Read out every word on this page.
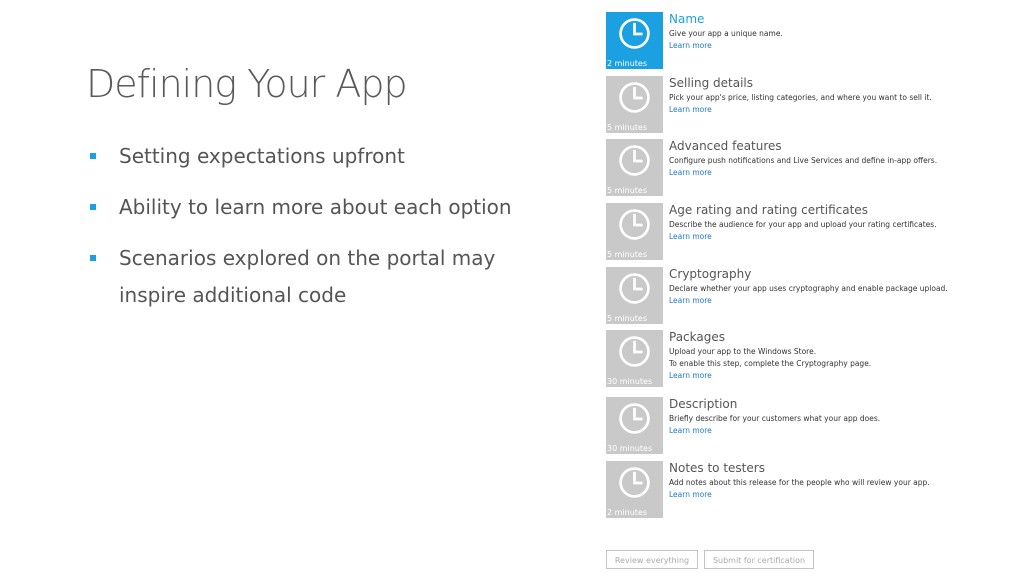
Defining Your App
Setting expectations upfront
Ability to learn more about each option
Scenarios explored on the portal may inspire additional code
2 minutes
Name
Give your app a unique name.
Learn more
5 minutes
Selling details
Pick your app's price, listing categories, and where you want to sell it.
Learn more
5 minutes
Advanced features
Configure push notifications and Live Services and define in-app offers.
Learn more
5 minutes
Age rating and rating certificates
Describe the audience for your app and upload your rating certificates.
Learn more
5 minutes
Cryptography
Declare whether your app uses cryptography and enable package upload.
Learn more
30 minutes
Packages
Upload your app to the Windows Store.
To enable this step, complete the Cryptography page.
Learn more
30 minutes
Description
Briefly describe for your customers what your app does.
Learn more
2 minutes
Notes to testers
Add notes about this release for the people who will review your app.
Learn more
Review everything	Submit for certification
